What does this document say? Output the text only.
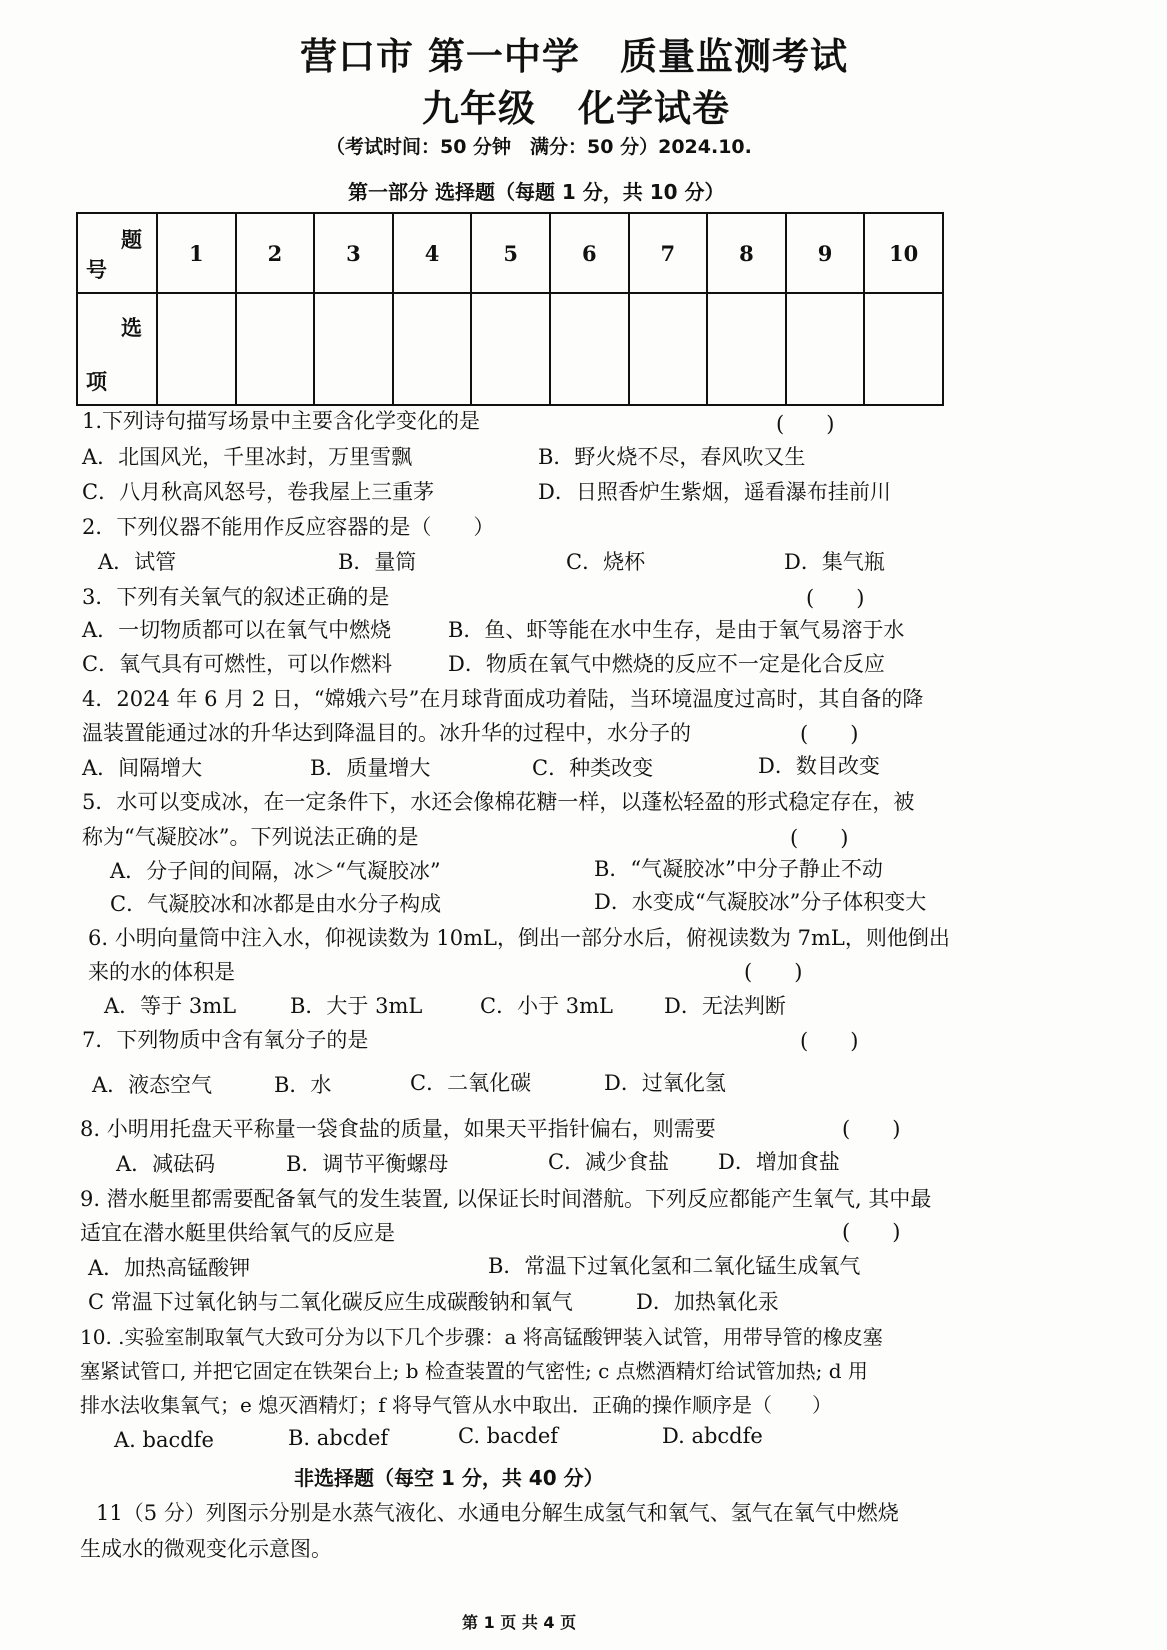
营口市 第一中学 质量监测考试
九年级 化学试卷
（考试时间：50 分钟　满分：50 分）2024.10.
第一部分 选择题（每题 1 分，共 10 分）
题
号	1	2	3	4	5	6	7	8	9	10

选
项										

1.下列诗句描写场景中主要含化学变化的是	(　　)
A．北国风光，千里冰封，万里雪飘	B．野火烧不尽，春风吹又生
C．八月秋高风怒号，卷我屋上三重茅	D．日照香炉生紫烟，遥看瀑布挂前川
2．下列仪器不能用作反应容器的是（　　）
A．试管	B．量筒	C．烧杯	D．集气瓶
3．下列有关氧气的叙述正确的是	(　　)
A．一切物质都可以在氧气中燃烧	B．鱼、虾等能在水中生存，是由于氧气易溶于水
C．氧气具有可燃性，可以作燃料	D．物质在氧气中燃烧的反应不一定是化合反应
4．2024 年 6 月 2 日，“嫦娥六号”在月球背面成功着陆，当环境温度过高时，其自备的降
温装置能通过冰的升华达到降温目的。冰升华的过程中，水分子的	(　　)
A．间隔增大	B．质量增大	C．种类改变	D．数目改变
5．水可以变成冰，在一定条件下，水还会像棉花糖一样，以蓬松轻盈的形式稳定存在，被
称为“气凝胶冰”。下列说法正确的是	(　　)
A．分子间的间隔，冰＞“气凝胶冰”	B．“气凝胶冰”中分子静止不动
C．气凝胶冰和冰都是由水分子构成	D．水变成“气凝胶冰”分子体积变大
6. 小明向量筒中注入水，仰视读数为 10mL，倒出一部分水后，俯视读数为 7mL，则他倒出
来的水的体积是	(　　)
A．等于 3mL	B．大于 3mL	C．小于 3mL D．无法判断
7．下列物质中含有氧分子的是	(　　)
A．液态空气	B．水	C．二氧化碳	D．过氧化氢
8. 小明用托盘天平称量一袋食盐的质量，如果天平指针偏右，则需要	(　　)
A．减砝码	B．调节平衡螺母	C．减少食盐 D．增加食盐
9. 潜水艇里都需要配备氧气的发生装置, 以保证长时间潜航。下列反应都能产生氧气, 其中最
适宜在潜水艇里供给氧气的反应是	(　　)
A．加热高锰酸钾	B．常温下过氧化氢和二氧化锰生成氧气
C 常温下过氧化钠与二氧化碳反应生成碳酸钠和氧气	D．加热氧化汞
10. .实验室制取氧气大致可分为以下几个步骤：a 将高锰酸钾装入试管，用带导管的橡皮塞
塞紧试管口, 并把它固定在铁架台上; b 检查装置的气密性; c 点燃酒精灯给试管加热; d 用
排水法收集氧气；e 熄灭酒精灯；f 将导气管从水中取出．正确的操作顺序是（　　）
A. bacdfe	B. abcdef	C. bacdef	D. abcdfe
非选择题（每空 1 分，共 40 分）
11（5 分）列图示分别是水蒸气液化、水通电分解生成氢气和氧气、氢气在氧气中燃烧
生成水的微观变化示意图。
第 1 页 共 4 页
